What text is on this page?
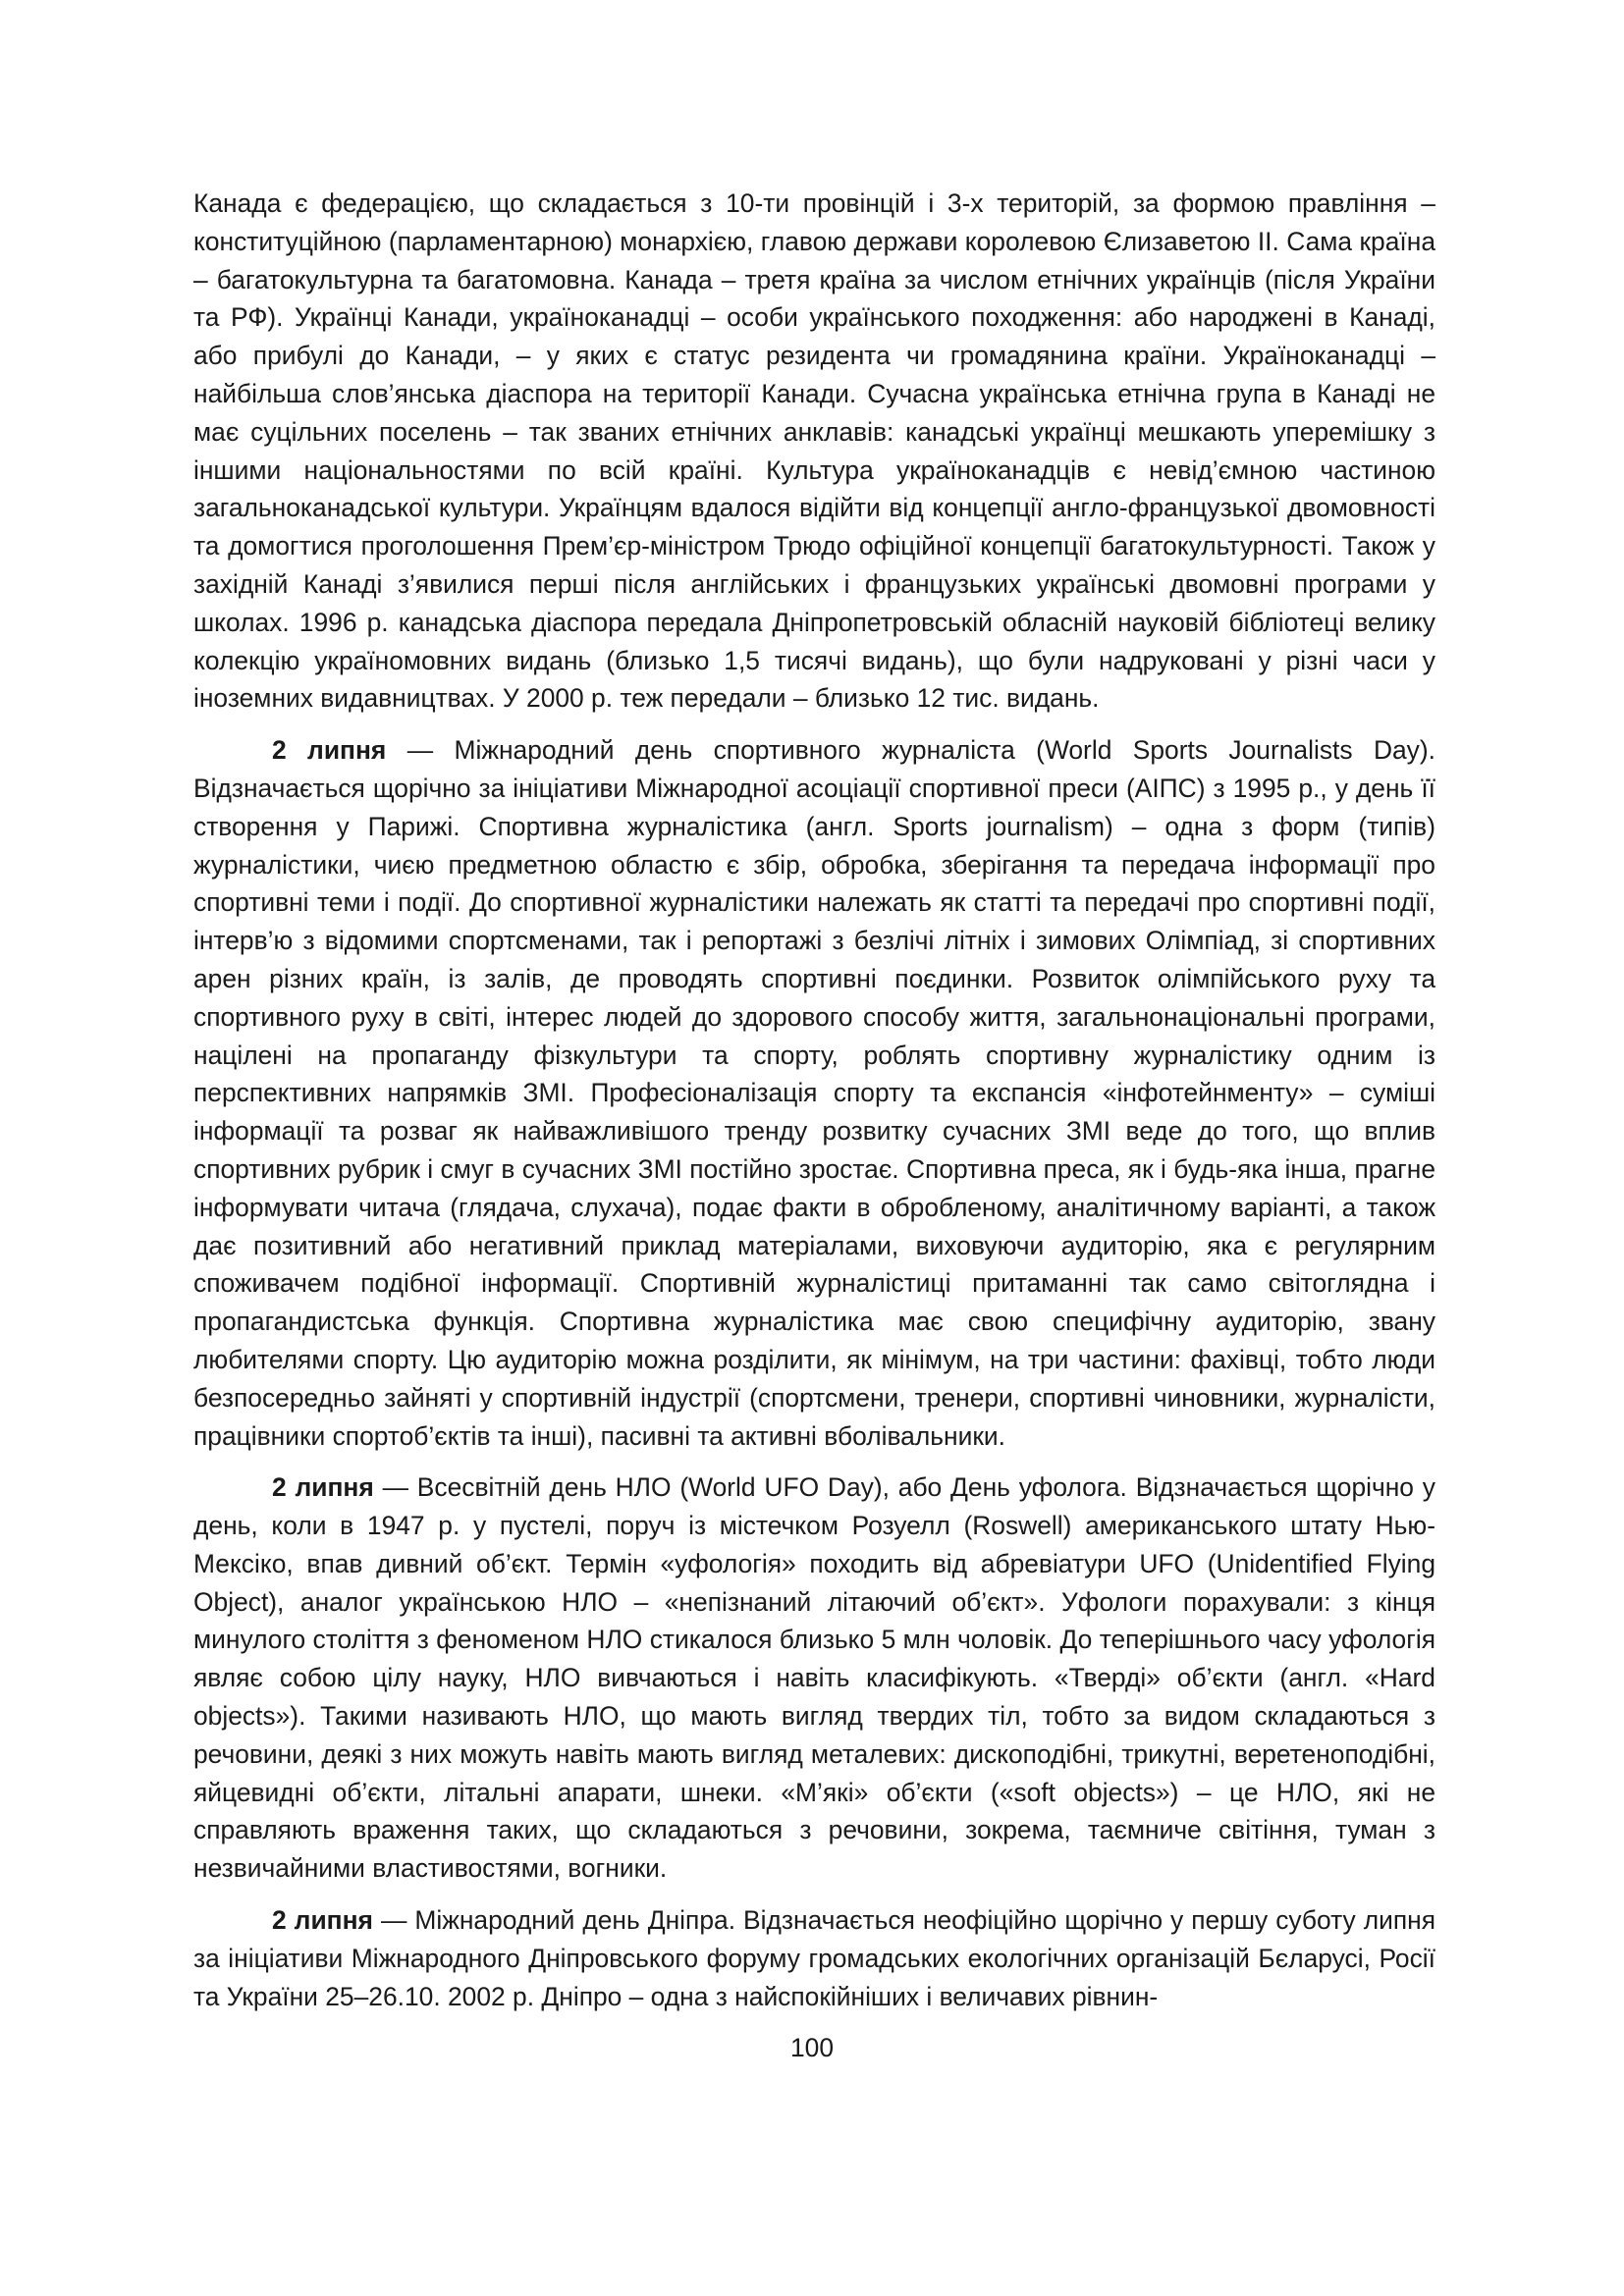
Канада є федерацією, що складається з 10-ти провінцій і 3-х територій, за формою правління – конституційною (парламентарною) монархією, главою держави королевою Єлизаветою II. Сама країна – багатокультурна та багатомовна. Канада – третя країна за числом етнічних українців (після України та РФ). Українці Канади, україноканадці – особи українського походження: або народжені в Канаді, або прибулі до Канади, – у яких є статус резидента чи громадянина країни. Україноканадці – найбільша слов’янська діаспора на території Канади. Сучасна українська етнічна група в Канаді не має суцільних поселень – так званих етнічних анклавів: канадські українці мешкають уперемішку з іншими національностями по всій країні. Культура україноканадців є невід’ємною частиною загальноканадської культури. Українцям вдалося відійти від концепції англо-французької двомовності та домогтися проголошення Прем’єр-міністром Трюдо офіційної концепції багатокультурності. Також у західній Канаді з’явилися перші після англійських і французьких українські двомовні програми у школах. 1996 р. канадська діаспора передала Дніпропетровській обласній науковій бібліотеці велику колекцію україномовних видань (близько 1,5 тисячі видань), що були надруковані у різні часи у іноземних видавництвах. У 2000 р. теж передали – близько 12 тис. видань.

2 липня — Міжнародний день спортивного журналіста (World Sports Journalists Day). Відзначається щорічно за ініціативи Міжнародної асоціації спортивної преси (АІПС) з 1995 р., у день її створення у Парижі. Спортивна журналістика (англ. Sports journalism) – одна з форм (типів) журналістики, чиєю предметною областю є збір, обробка, зберігання та передача інформації про спортивні теми і події. До спортивної журналістики належать як статті та передачі про спортивні події, інтерв’ю з відомими спортсменами, так і репортажі з безлічі літніх і зимових Олімпіад, зі спортивних арен різних країн, із залів, де проводять спортивні поєдинки. Розвиток олімпійського руху та спортивного руху в світі, інтерес людей до здорового способу життя, загальнонаціональні програми, націлені на пропаганду фізкультури та спорту, роблять спортивну журналістику одним із перспективних напрямків ЗМІ. Професіоналізація спорту та експансія «інфотейнменту» – суміші інформації та розваг як найважливішого тренду розвитку сучасних ЗМІ веде до того, що вплив спортивних рубрик і смуг в сучасних ЗМІ постійно зростає. Спортивна преса, як і будь-яка інша, прагне інформувати читача (глядача, слухача), подає факти в обробленому, аналітичному варіанті, а також дає позитивний або негативний приклад матеріалами, виховуючи аудиторію, яка є регулярним споживачем подібної інформації. Спортивній журналістиці притаманні так само світоглядна і пропагандистська функція. Спортивна журналістика має свою специфічну аудиторію, звану любителями спорту. Цю аудиторію можна розділити, як мінімум, на три частини: фахівці, тобто люди безпосередньо зайняті у спортивній індустрії (спортсмени, тренери, спортивні чиновники, журналісти, працівники спортоб’єктів та інші), пасивні та активні вболівальники.

2 липня — Всесвітній день НЛО (World UFO Day), або День уфолога. Відзначається щорічно у день, коли в 1947 р. у пустелі, поруч із містечком Розуелл (Roswell) американського штату Нью-Мексіко, впав дивний об’єкт. Термін «уфологія» походить від абревіатури UFO (Unidentified Flying Object), аналог українською НЛО – «непізнаний літаючий об’єкт». Уфологи порахували: з кінця минулого століття з феноменом НЛО стикалося близько 5 млн чоловік. До теперішнього часу уфологія являє собою цілу науку, НЛО вивчаються і навіть класифікують. «Тверді» об’єкти (англ. «Hard objects»). Такими називають НЛО, що мають вигляд твердих тіл, тобто за видом складаються з речовини, деякі з них можуть навіть мають вигляд металевих: дископодібні, трикутні, веретеноподібні, яйцевидні об’єкти, літальні апарати, шнеки. «М’які» об’єкти («soft objects») – це НЛО, які не справляють враження таких, що складаються з речовини, зокрема, таємниче світіння, туман з незвичайними властивостями, вогники.

2 липня — Міжнародний день Дніпра. Відзначається неофіційно щорічно у першу суботу липня за ініціативи Міжнародного Дніпровського форуму громадських екологічних організацій Бєларусі, Росії та України 25–26.10. 2002 р. Дніпро – одна з найспокійніших і величавих рівнин-

100
